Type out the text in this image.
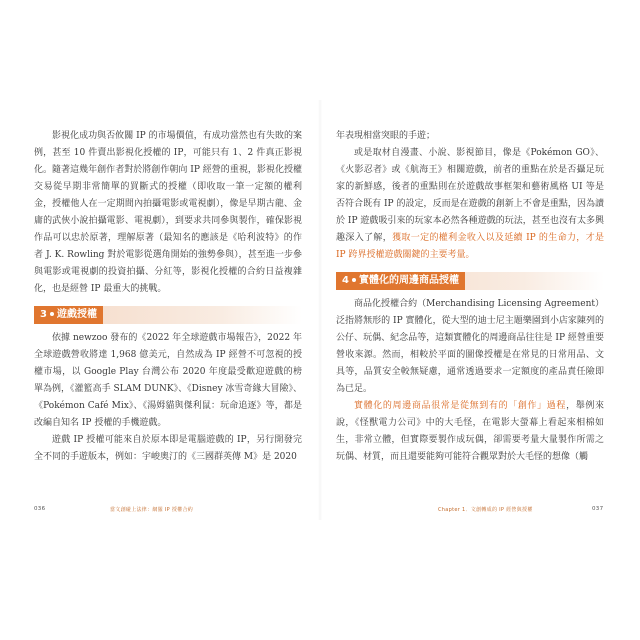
影視化成功與否攸關 IP 的市場價值，有成功當然也有失敗的案例，甚至 10 件賣出影視化授權的 IP，可能只有 1、2 件真正影視化。隨著這幾年創作者對於將創作朝向 IP 經營的重視，影視化授權交易從早期非常簡單的買斷式的授權（即收取一筆一定額的權利金，授權他人在一定期間內拍攝電影或電視劇），像是早期古龍、金庸的武俠小說拍攝電影、電視劇），到要求共同參與製作，確保影視作品可以忠於原著，理解原著（最知名的應該是《哈利波特》的作者 J. K. Rowling 對於電影從選角開始的強勢參與），甚至進一步參與電影或電視劇的投資拍攝、分紅等，影視化授權的合約日益複雜化，也是經營 IP 最重大的挑戰。

3 遊戲授權

依據 newzoo 發布的《2022 年全球遊戲市場報告》，2022 年全球遊戲營收將達 1,968 億美元，自然成為 IP 經營不可忽視的授權市場，以 Google Play 台灣公布 2020 年度最受歡迎遊戲的榜單為例，《灌籃高手 SLAM DUNK》、《Disney 冰雪奇緣大冒險》、《Pokémon Café Mix》、《湯姆貓與傑利鼠：玩命追逐》等，都是改編自知名 IP 授權的手機遊戲。

遊戲 IP 授權可能來自於原本即是電腦遊戲的 IP，另行開發完全不同的手遊版本，例如：宇峻奧汀的《三國群英傳 M》是 2020

036	當文創碰上法律：網羅 IP 授權合約

年表現相當突眼的手遊；

或是取材自漫畫、小說、影視節目，像是《Pokémon GO》、《火影忍者》或《航海王》相關遊戲，前者的重點在於是否攝足玩家的新鮮感，後者的重點則在於遊戲故事框架和藝術風格 UI 等是否符合既有 IP 的設定，反而是在遊戲的創新上不會是重點，因為讀於 IP 遊戲吸引來的玩家本必然各種遊戲的玩法，甚至也沒有太多興趣深入了解，獲取一定的權利金收入以及延續 IP 的生命力，才是 IP 跨界授權遊戲關鍵的主要考量。

4 實體化的周邊商品授權

商品化授權合約（Merchandising Licensing Agreement）泛指將無形的 IP 實體化，從大型的迪士尼主題樂園到小店家陳列的公仔、玩偶、紀念品等，這類實體化的周邊商品往往是 IP 經營重要營收來源。然而，相較於平面的圖像授權是在常見的日常用品、文具等，品質安全較無疑慮，通常透過要求一定額度的產品責任險即為已足。

實體化的周邊商品很常是從無到有的「創作」過程，舉例來說，《怪獸電力公司》中的大毛怪，在電影大螢幕上看起來相棉如生，非常立體，但實際要製作成玩偶，卻需要考量大量製作所需之玩偶、材質，而且還要能夠可能符合觀眾對於大毛怪的想像（觸

Chapter 1．文創轉成的 IP 經營與授權	037
